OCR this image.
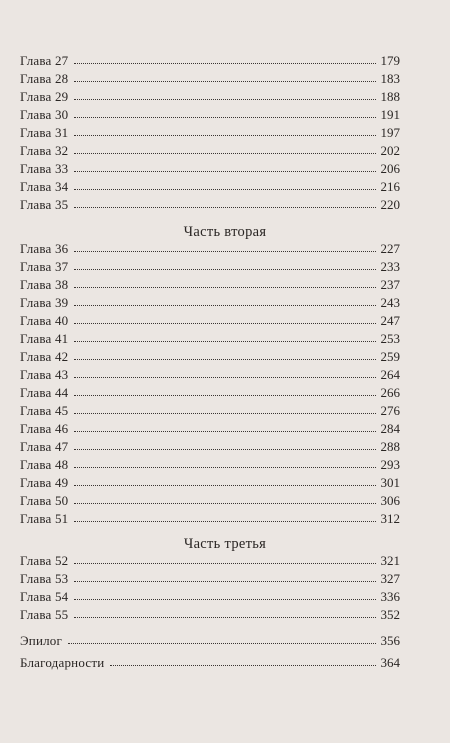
Глава 27	179
Глава 28	183
Глава 29	188
Глава 30	191
Глава 31	197
Глава 32	202
Глава 33	206
Глава 34	216
Глава 35	220
Часть вторая
Глава 36	227
Глава 37	233
Глава 38	237
Глава 39	243
Глава 40	247
Глава 41	253
Глава 42	259
Глава 43	264
Глава 44	266
Глава 45	276
Глава 46	284
Глава 47	288
Глава 48	293
Глава 49	301
Глава 50	306
Глава 51	312
Часть третья
Глава 52	321
Глава 53	327
Глава 54	336
Глава 55	352
Эпилог	356
Благодарности	364
